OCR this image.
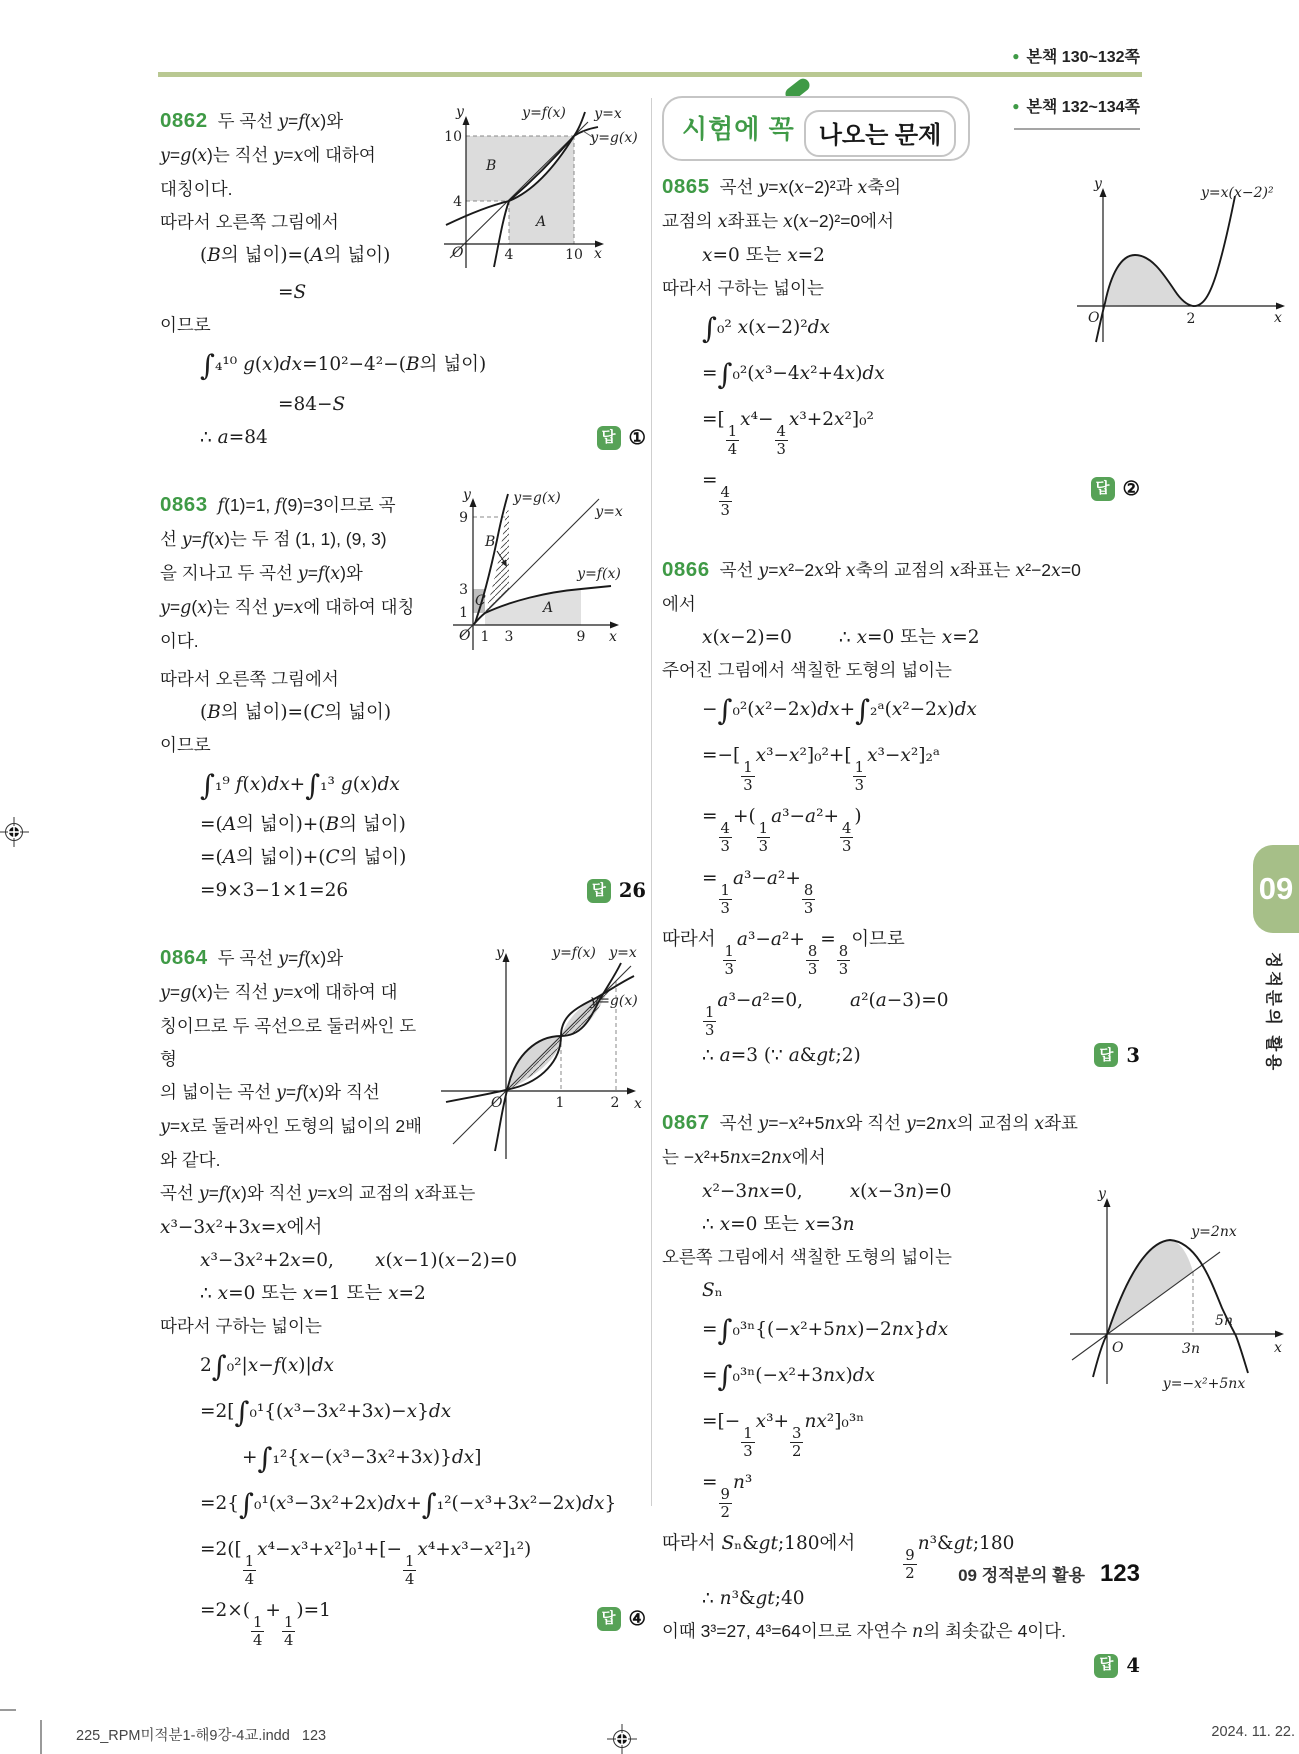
● 본책 130~132쪽
0862 두 곡선 y=f(x)와
y=g(x)는 직선 y=x에 대하여
대칭이다.
따라서 오른쪽 그림에서
(B의 넓이)=(A의 넓이)
y
x
O
10
4
4	10
y=f(x) y=x
y=g(x)
B
A
=S
이므로
∫₄¹⁰ g(x)dx=10²−4²−(B의 넓이)
=84−S
∴ a=84	답 ①
0863 f(1)=1, f(9)=3이므로 곡
선 y=f(x)는 두 점 (1, 1), (9, 3)
을 지나고 두 곡선 y=f(x)와
y=g(x)는 직선 y=x에 대하여 대칭
이다.
y
9
3
1
O 1 3	9 x
y=g(x)
y=x
y=f(x)
B
C	A
따라서 오른쪽 그림에서
(B의 넓이)=(C의 넓이)
이므로
∫₁⁹ f(x)dx+∫₁³ g(x)dx
=(A의 넓이)+(B의 넓이)
=(A의 넓이)+(C의 넓이)
=9×3−1×1=26	답 26
0864 두 곡선 y=f(x)와
y=g(x)는 직선 y=x에 대하여 대
칭이므로 두 곡선으로 둘러싸인 도형
의 넓이는 곡선 y=f(x)와 직선
y=x로 둘러싸인 도형의 넓이의 2배
와 같다.
y	y=f(x) y=x
y=g(x)
O	1	2 x
곡선 y=f(x)와 직선 y=x의 교점의 x좌표는
x³−3x²+3x=x에서
x³−3x²+2x=0,       x(x−1)(x−2)=0
∴ x=0 또는 x=1 또는 x=2
따라서 구하는 넓이는
2∫₀²|x−f(x)|dx
=2[∫₀¹{(x³−3x²+3x)−x}dx
+∫₁²{x−(x³−3x²+3x)}dx]
=2{∫₀¹(x³−3x²+2x)dx+∫₁²(−x³+3x²−2x)dx}
=2([
$\frac{1}{4}$
x⁴−x³+x²]₀¹+[−
$\frac{1}{4}$
x⁴+x³−x²]₁²)
=2×(
$\frac{1}{4}$
+
$\frac{1}{4}$
)=1	답 ④
시험에 꼭	나오는 문제
● 본책 132~134쪽
y
y=x(x−2)²
O	2	x
0865 곡선 y=x(x−2)²과 x축의
교점의 x좌표는 x(x−2)²=0에서
x=0 또는 x=2
따라서 구하는 넓이는
∫₀² x(x−2)²dx
=∫₀²(x³−4x²+4x)dx
=[
$\frac{1}{4}$
x⁴−
$\frac{4}{3}$
x³+2x²]₀²
=
$\frac{4}{3}$	답 ②
0866 곡선 y=x²−2x와 x축의 교점의 x좌표는 x²−2x=0
에서
x(x−2)=0        ∴ x=0 또는 x=2
주어진 그림에서 색칠한 도형의 넓이는
−∫₀²(x²−2x)dx+∫₂ᵃ(x²−2x)dx
=−[
$\frac{1}{3}$
x³−x²]₀²+[
$\frac{1}{3}$
x³−x²]₂ᵃ
=
$\frac{4}{3}$
+(
$\frac{1}{3}$
a³−a²+
$\frac{4}{3}$
)
=
$\frac{1}{3}$
a³−a²+
$\frac{8}{3}$
따라서
$\frac{1}{3}$
a³−a²+
$\frac{8}{3}$
=
$\frac{8}{3}$
이므로
$\frac{1}{3}$
a³−a²=0,        a²(a−3)=0
∴ a=3 (∵ a&gt;2)	답 3
y
y=2nx
5n
O	3n	x
y=−x²+5nx
0867 곡선 y=−x²+5nx와 직선 y=2nx의 교점의 x좌표
는 −x²+5nx=2nx에서
x²−3nx=0,        x(x−3n)=0
∴ x=0 또는 x=3n
오른쪽 그림에서 색칠한 도형의 넓이는
Sₙ
=∫₀³ⁿ{(−x²+5nx)−2nx}dx
=∫₀³ⁿ(−x²+3nx)dx
=[−
$\frac{1}{3}$
x³+
$\frac{3}{2}$
nx²]₀³ⁿ
=
$\frac{9}{2}$
n³
따라서 Sₙ&gt;180에서
$\frac{9}{2}$
n³&gt;180
∴ n³&gt;40
이때 3³=27, 4³=64이므로 자연수 n의 최솟값은 4이다.
답 4
09
정적분의 활용
09 정적분의 활용 123
225_RPM미적분1-해9강-4교.indd   123	2024. 11. 22.
